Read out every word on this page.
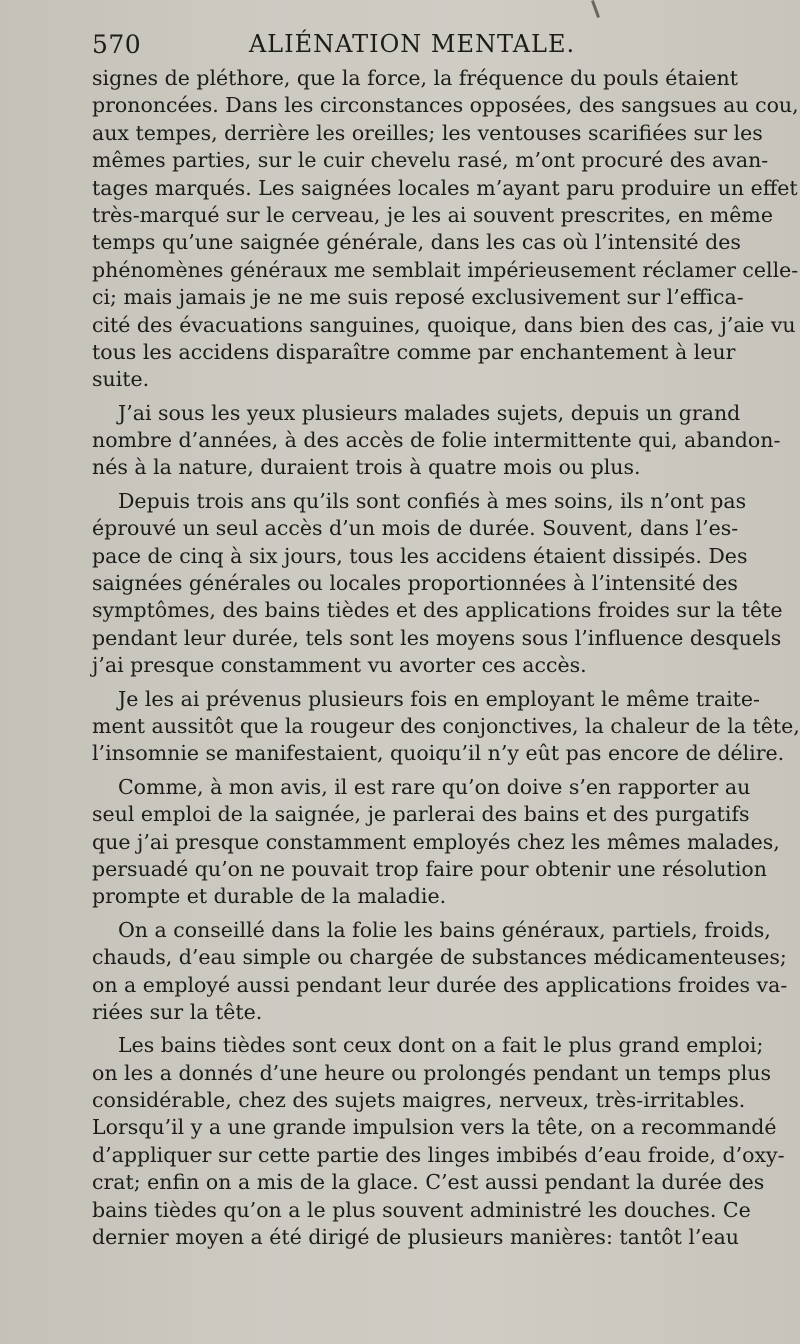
570	ALIÉNATION MENTALE.
signes de pléthore, que la force, la fréquence du pouls étaient
prononcées. Dans les circonstances opposées, des sangsues au cou,
aux tempes, derrière les oreilles; les ventouses scarifiées sur les
mêmes parties, sur le cuir chevelu rasé, m’ont procuré des avan-
tages marqués. Les saignées locales m’ayant paru produire un effet
très-marqué sur le cerveau, je les ai souvent prescrites, en même
temps qu’une saignée générale, dans les cas où l’intensité des
phénomènes généraux me semblait impérieusement réclamer celle-
ci; mais jamais je ne me suis reposé exclusivement sur l’effica-
cité des évacuations sanguines, quoique, dans bien des cas, j’aie vu
tous les accidens disparaître comme par enchantement à leur
suite.
J’ai sous les yeux plusieurs malades sujets, depuis un grand
nombre d’années, à des accès de folie intermittente qui, abandon-
nés à la nature, duraient trois à quatre mois ou plus.
Depuis trois ans qu’ils sont confiés à mes soins, ils n’ont pas
éprouvé un seul accès d’un mois de durée. Souvent, dans l’es-
pace de cinq à six jours, tous les accidens étaient dissipés. Des
saignées générales ou locales proportionnées à l’intensité des
symptômes, des bains tièdes et des applications froides sur la tête
pendant leur durée, tels sont les moyens sous l’influence desquels
j’ai presque constamment vu avorter ces accès.
Je les ai prévenus plusieurs fois en employant le même traite-
ment aussitôt que la rougeur des conjonctives, la chaleur de la tête,
l’insomnie se manifestaient, quoiqu’il n’y eût pas encore de délire.
Comme, à mon avis, il est rare qu’on doive s’en rapporter au
seul emploi de la saignée, je parlerai des bains et des purgatifs
que j’ai presque constamment employés chez les mêmes malades,
persuadé qu’on ne pouvait trop faire pour obtenir une résolution
prompte et durable de la maladie.
On a conseillé dans la folie les bains généraux, partiels, froids,
chauds, d’eau simple ou chargée de substances médicamenteuses;
on a employé aussi pendant leur durée des applications froides va-
riées sur la tête.
Les bains tièdes sont ceux dont on a fait le plus grand emploi;
on les a donnés d’une heure ou prolongés pendant un temps plus
considérable, chez des sujets maigres, nerveux, très-irritables.
Lorsqu’il y a une grande impulsion vers la tête, on a recommandé
d’appliquer sur cette partie des linges imbibés d’eau froide, d’oxy-
crat; enfin on a mis de la glace. C’est aussi pendant la durée des
bains tièdes qu’on a le plus souvent administré les douches. Ce
dernier moyen a été dirigé de plusieurs manières: tantôt l’eau
